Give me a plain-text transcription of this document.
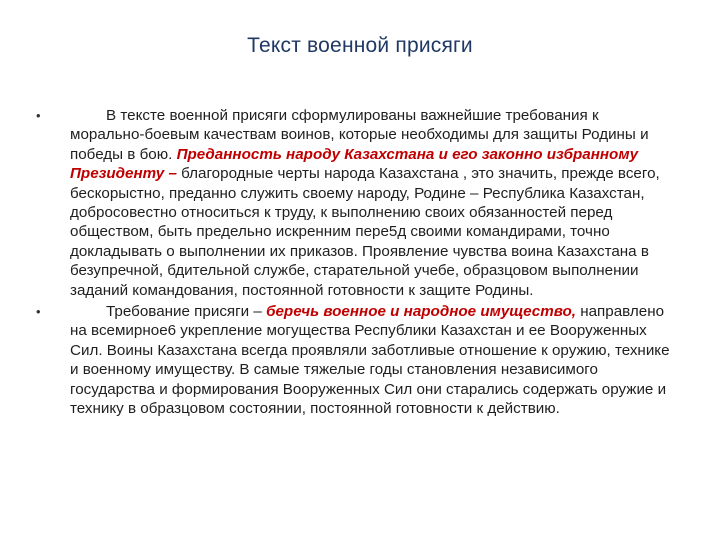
Текст военной присяги

•	В тексте военной присяги сформулированы важнейшие требования к морально-боевым качествам воинов, которые необходимы для защиты Родины и победы в бою. Преданность народу Казахстана и его законно избранному Президенту – благородные черты народа Казахстана , это значить, прежде всего, бескорыстно, преданно служить своему народу, Родине – Республика Казахстан, добросовестно относиться к труду, к выполнению своих обязанностей перед обществом, быть предельно искренним пере5д своими командирами, точно докладывать о выполнении их приказов. Проявление чувства воина Казахстана в безупречной, бдительной службе, старательной учебе, образцовом выполнении заданий командования, постоянной готовности к защите Родины.

•	Требование присяги – беречь военное и народное имущество, направлено на всемирное6 укрепление могущества Республики Казахстан и ее Вооруженных Сил. Воины Казахстана всегда проявляли заботливые отношение к оружию, технике и военному имуществу. В самые тяжелые годы становления независимого государства и формирования Вооруженных Сил они старались содержать оружие и технику в образцовом состоянии, постоянной готовности к действию.
